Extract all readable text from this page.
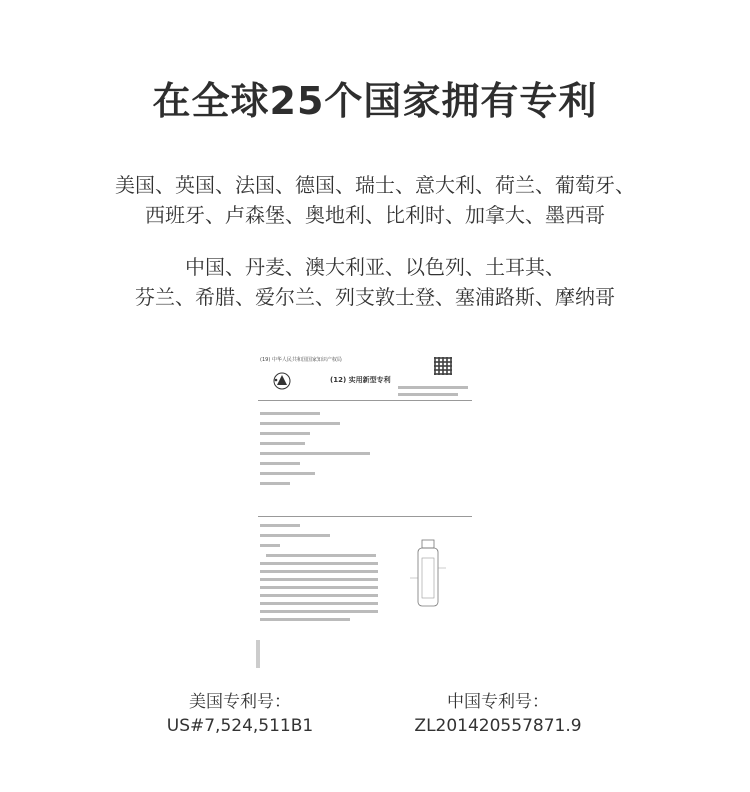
在全球25个国家拥有专利
美国、英国、法国、德国、瑞士、意大利、荷兰、葡萄牙、
西班牙、卢森堡、奥地利、比利时、加拿大、墨西哥
中国、丹麦、澳大利亚、以色列、土耳其、
芬兰、希腊、爱尔兰、列支敦士登、塞浦路斯、摩纳哥
(19) 中华人民共和国国家知识产权局
(12) 实用新型专利
美国专利号：
US#7,524,511B1
中国专利号：
ZL201420557871.9
